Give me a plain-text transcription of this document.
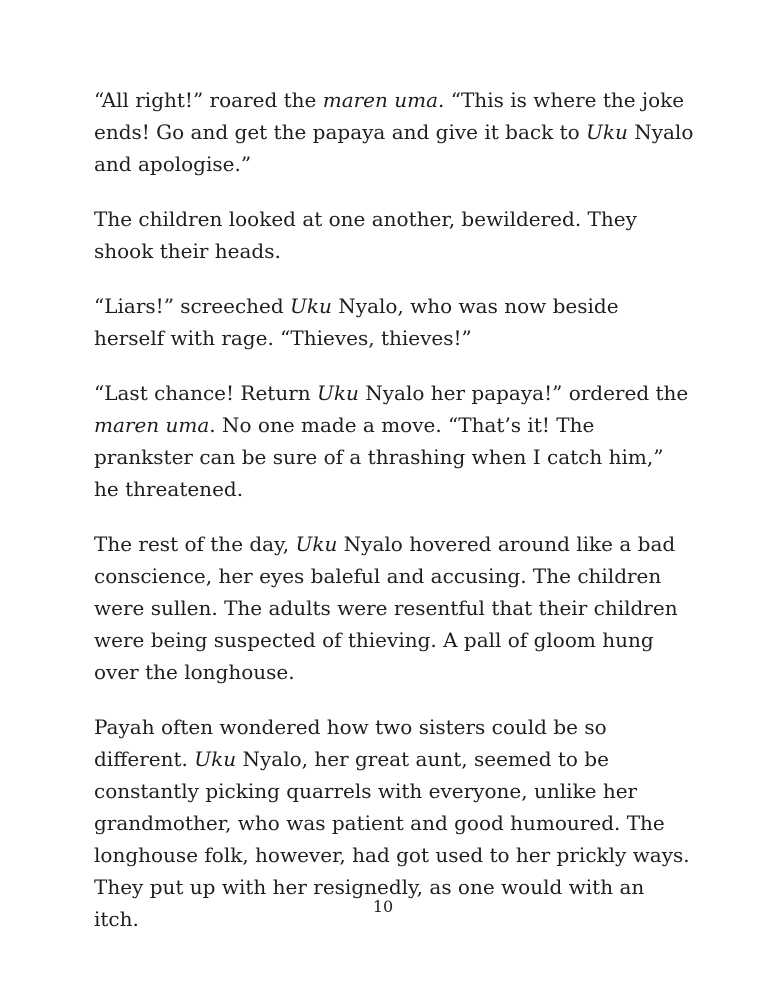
“All right!” roared the maren uma. “This is where the joke ends! Go and get the papaya and give it back to Uku Nyalo and apologise.”

The children looked at one another, bewildered. They shook their heads.

“Liars!” screeched Uku Nyalo, who was now beside herself with rage. “Thieves, thieves!”

“Last chance! Return Uku Nyalo her papaya!” ordered the maren uma. No one made a move. “That’s it! The prankster can be sure of a thrashing when I catch him,” he threatened.

The rest of the day, Uku Nyalo hovered around like a bad conscience, her eyes baleful and accusing. The children were sullen. The adults were resentful that their children were being suspected of thieving. A pall of gloom hung over the longhouse.

Payah often wondered how two sisters could be so different. Uku Nyalo, her great aunt, seemed to be constantly picking quarrels with everyone, unlike her grandmother, who was patient and good humoured. The longhouse folk, however, had got used to her prickly ways. They put up with her resignedly, as one would with an itch.

10
